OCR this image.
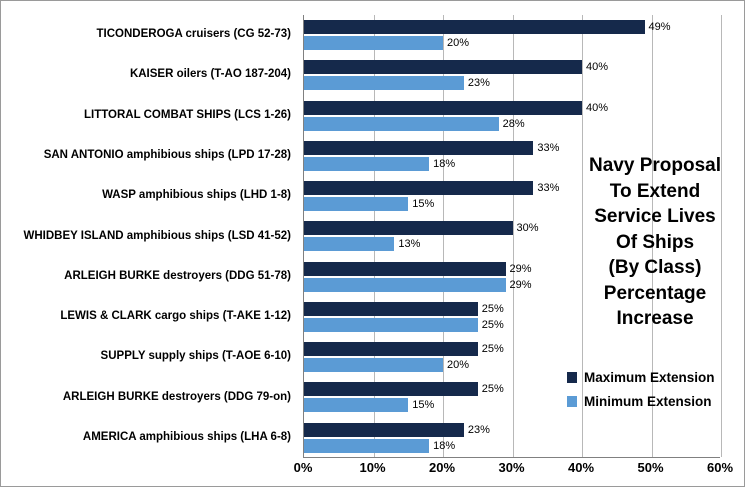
TICONDEROGA cruisers (CG 52-73)
KAISER oilers (T-AO 187-204)
LITTORAL COMBAT SHIPS (LCS 1-26)
SAN ANTONIO amphibious ships (LPD 17-28)
WASP amphibious ships (LHD 1-8)
WHIDBEY ISLAND amphibious ships (LSD 41-52)
ARLEIGH BURKE destroyers (DDG 51-78)
LEWIS & CLARK cargo ships (T-AKE 1-12)
SUPPLY supply ships (T-AOE 6-10)
ARLEIGH BURKE destroyers (DDG 79-on)
AMERICA amphibious ships (LHA 6-8)
49%
20%
40%
23%
40%
28%
33%
18%
33%
15%
30%
13%
29%
29%
25%
25%
25%
20%
25%
15%
23%
18%
0%	10%	20%	30%	40%	50%	60%
Navy Proposal
To Extend
Service Lives
Of Ships
(By Class)
Percentage
Increase
Maximum Extension
Minimum Extension
